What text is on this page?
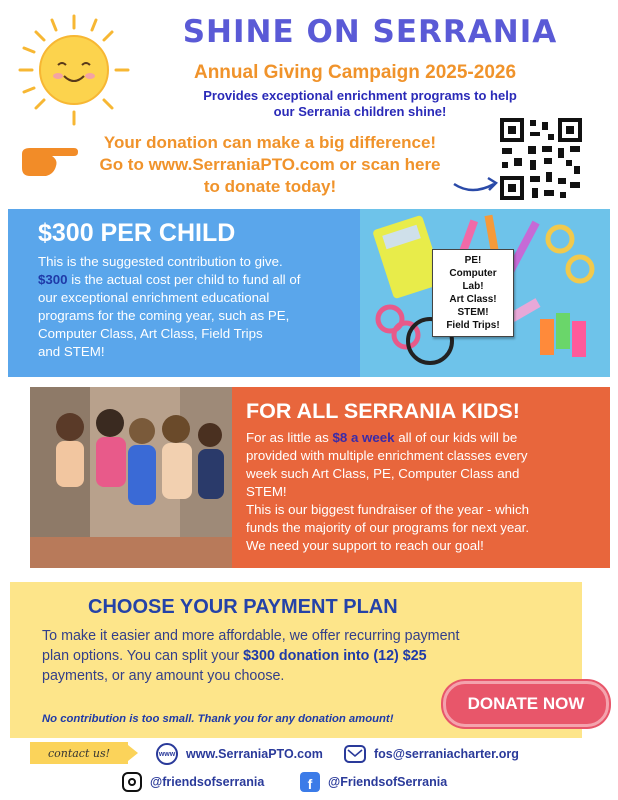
SHINE ON SERRANIA
Annual Giving Campaign 2025-2026
Provides exceptional enrichment programs to help
our Serrania children shine!
Your donation can make a big difference!
Go to www.SerraniaPTO.com or scan here
to donate today!
$300 PER CHILD
This is the suggested contribution to give.
$300 is the actual cost per child to fund all of
our exceptional enrichment educational
programs for the coming year, such as PE,
Computer Class, Art Class, Field Trips
and STEM!
PE!
Computer Lab!
Art Class!
STEM!
Field Trips!
FOR ALL SERRANIA KIDS!
For as little as $8 a week all of our kids will be
provided with multiple enrichment classes every
week such Art Class, PE, Computer Class and
STEM!
This is our biggest fundraiser of the year - which
funds the majority of our programs for next year.
We need your support to reach our goal!
CHOOSE YOUR PAYMENT PLAN
To make it easier and more affordable, we offer recurring payment
plan options. You can split your $300 donation into (12) $25
payments, or any amount you choose.
No contribution is too small. Thank you for any donation amount!
DONATE NOW
contact us!	www www.SerraniaPTO.com	fos@serraniacharter.org
@friendsofserrania	f	@FriendsofSerrania
